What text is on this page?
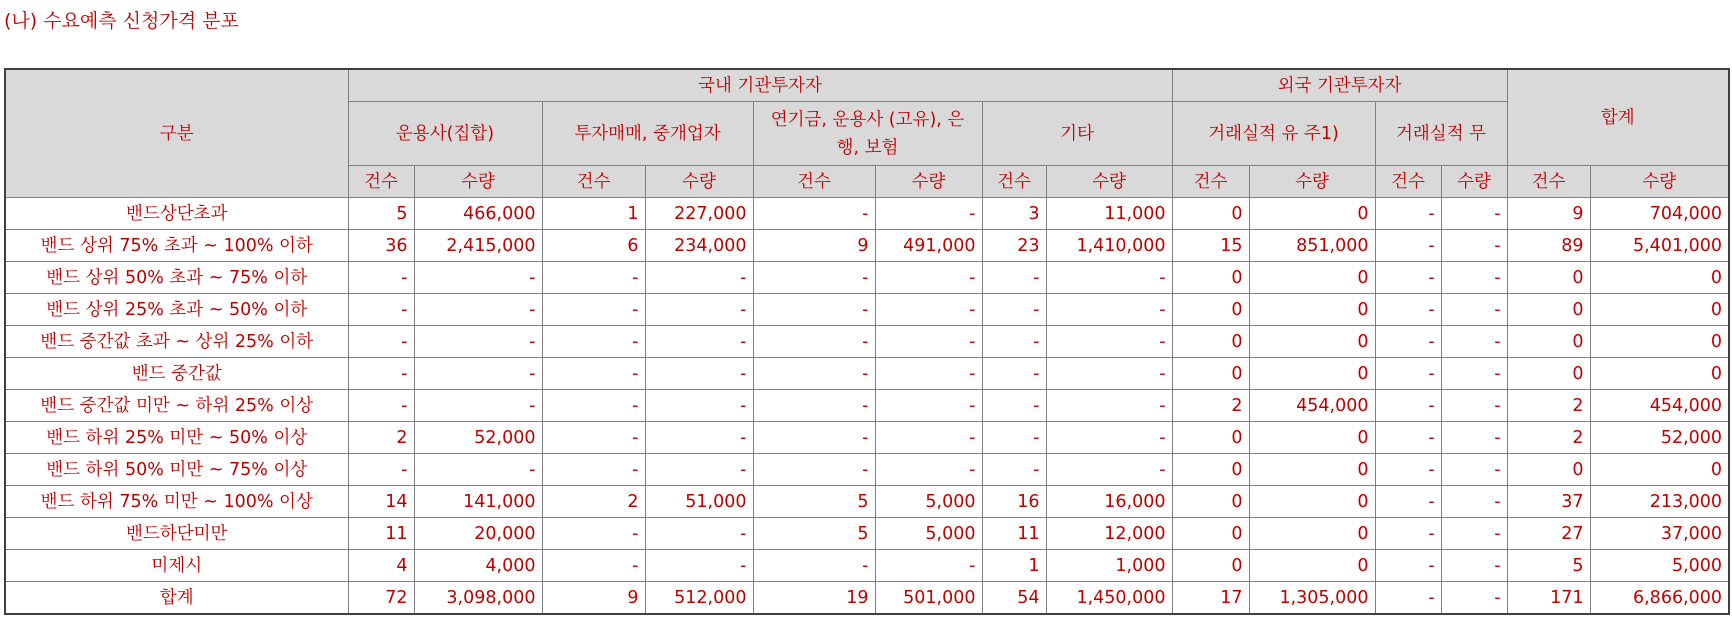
(나) 수요예측 신청가격 분포
구분	국내 기관투자자								외국 기관투자자				합계	
	운용사(집합)		투자매매, 중개업자		연기금, 운용사 (고유), 은행, 보험		기타		거래실적 유 주1)		거래실적 무			
	건수	수량	건수	수량	건수	수량	건수	수량	건수	수량	건수	수량	건수	수량
밴드상단초과	5	466,000	1	227,000	-	-	3	11,000	0	0	-	-	9	704,000
밴드 상위 75% 초과 ~ 100% 이하	36	2,415,000	6	234,000	9	491,000	23	1,410,000	15	851,000	-	-	89	5,401,000
밴드 상위 50% 초과 ~ 75% 이하	-	-	-	-	-	-	-	-	0	0	-	-	0	0
밴드 상위 25% 초과 ~ 50% 이하	-	-	-	-	-	-	-	-	0	0	-	-	0	0
밴드 중간값 초과 ~ 상위 25% 이하	-	-	-	-	-	-	-	-	0	0	-	-	0	0
밴드 중간값	-	-	-	-	-	-	-	-	0	0	-	-	0	0
밴드 중간값 미만 ~ 하위 25% 이상	-	-	-	-	-	-	-	-	2	454,000	-	-	2	454,000
밴드 하위 25% 미만 ~ 50% 이상	2	52,000	-	-	-	-	-	-	0	0	-	-	2	52,000
밴드 하위 50% 미만 ~ 75% 이상	-	-	-	-	-	-	-	-	0	0	-	-	0	0
밴드 하위 75% 미만 ~ 100% 이상	14	141,000	2	51,000	5	5,000	16	16,000	0	0	-	-	37	213,000
밴드하단미만	11	20,000	-	-	5	5,000	11	12,000	0	0	-	-	27	37,000
미제시	4	4,000	-	-	-	-	1	1,000	0	0	-	-	5	5,000
합계	72	3,098,000	9	512,000	19	501,000	54	1,450,000	17	1,305,000	-	-	171	6,866,000
